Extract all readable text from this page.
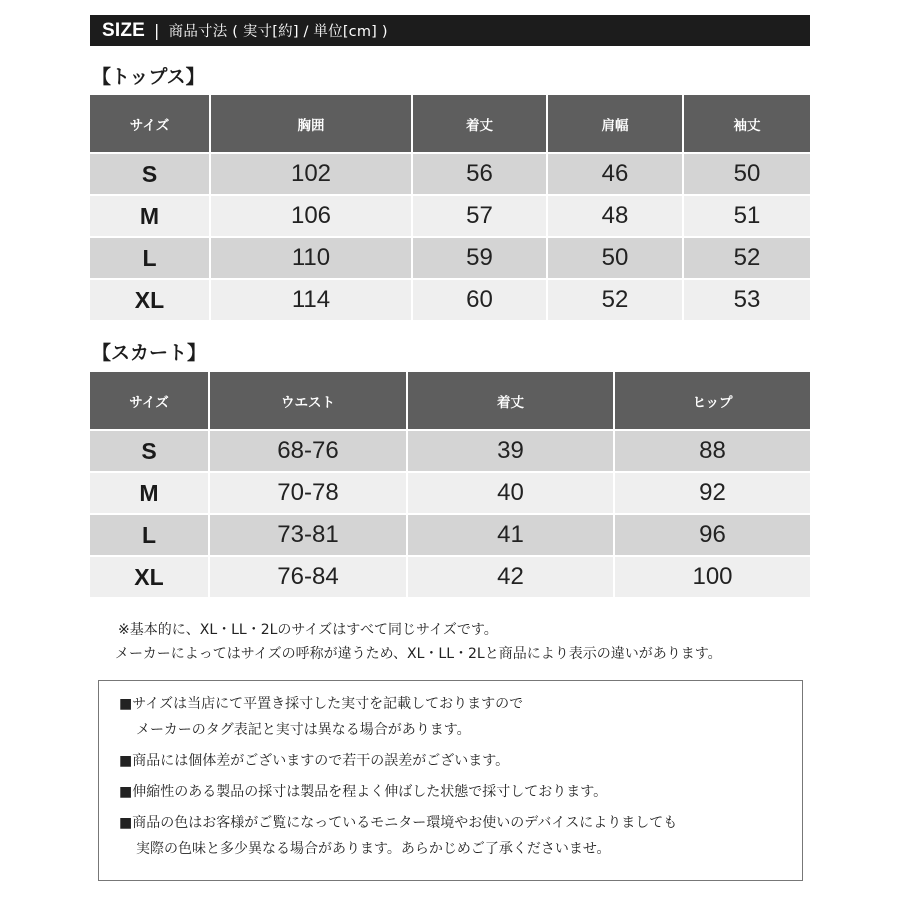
SIZE | 商品寸法 ( 実寸[約] / 単位[cm] )
【トップス】
サイズ	胸囲	着丈	肩幅	袖丈
S	102	56	46	50
M	106	57	48	51
L	110	59	50	52
XL	114	60	52	53
【スカート】
サイズ	ウエスト	着丈	ヒップ
S	68-76	39	88
M	70-78	40	92
L	73-81	41	96
XL	76-84	42	100
※基本的に、XL・LL・2Lのサイズはすべて同じサイズです。
メーカーによってはサイズの呼称が違うため、XL・LL・2Lと商品により表示の違いがあります。
■サイズは当店にて平置き採寸した実寸を記載しておりますので
メーカーのタグ表記と実寸は異なる場合があります。
■商品には個体差がございますので若干の誤差がございます。
■伸縮性のある製品の採寸は製品を程よく伸ばした状態で採寸しております。
■商品の色はお客様がご覧になっているモニター環境やお使いのデバイスによりましても
実際の色味と多少異なる場合があります。あらかじめご了承くださいませ。
